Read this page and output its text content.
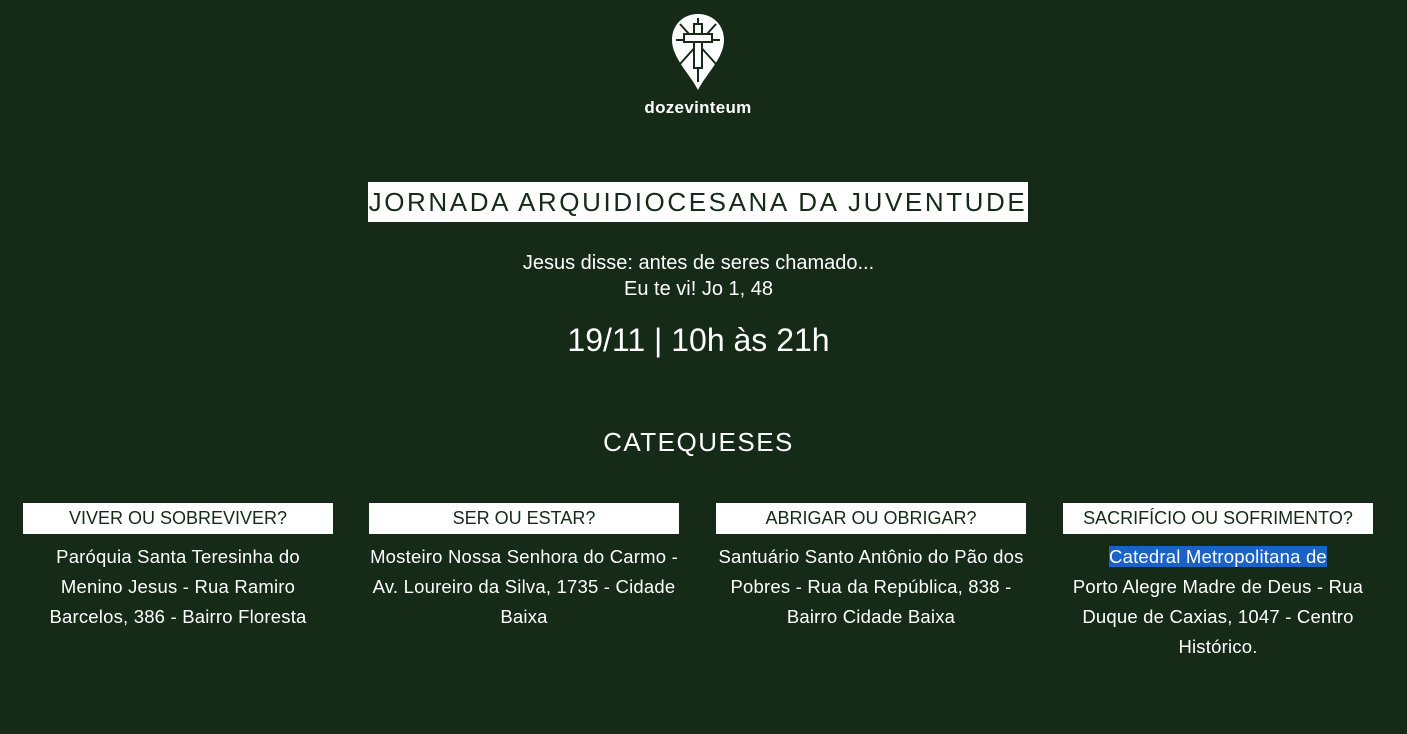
dozevinteum
JORNADA ARQUIDIOCESANA DA JUVENTUDE
Jesus disse: antes de seres chamado...
Eu te vi! Jo 1, 48
19/11 | 10h às 21h
CATEQUESES
VIVER OU SOBREVIVER?
Paróquia Santa Teresinha do Menino Jesus - Rua Ramiro Barcelos, 386 - Bairro Floresta
SER OU ESTAR?
Mosteiro Nossa Senhora do Carmo - Av. Loureiro da Silva, 1735 - Cidade Baixa
ABRIGAR OU OBRIGAR?
Santuário Santo Antônio do Pão dos Pobres - Rua da República, 838 - Bairro Cidade Baixa
SACRIFÍCIO OU SOFRIMENTO?
Catedral Metropolitana de
Porto Alegre Madre de Deus - Rua Duque de Caxias, 1047 - Centro Histórico.
